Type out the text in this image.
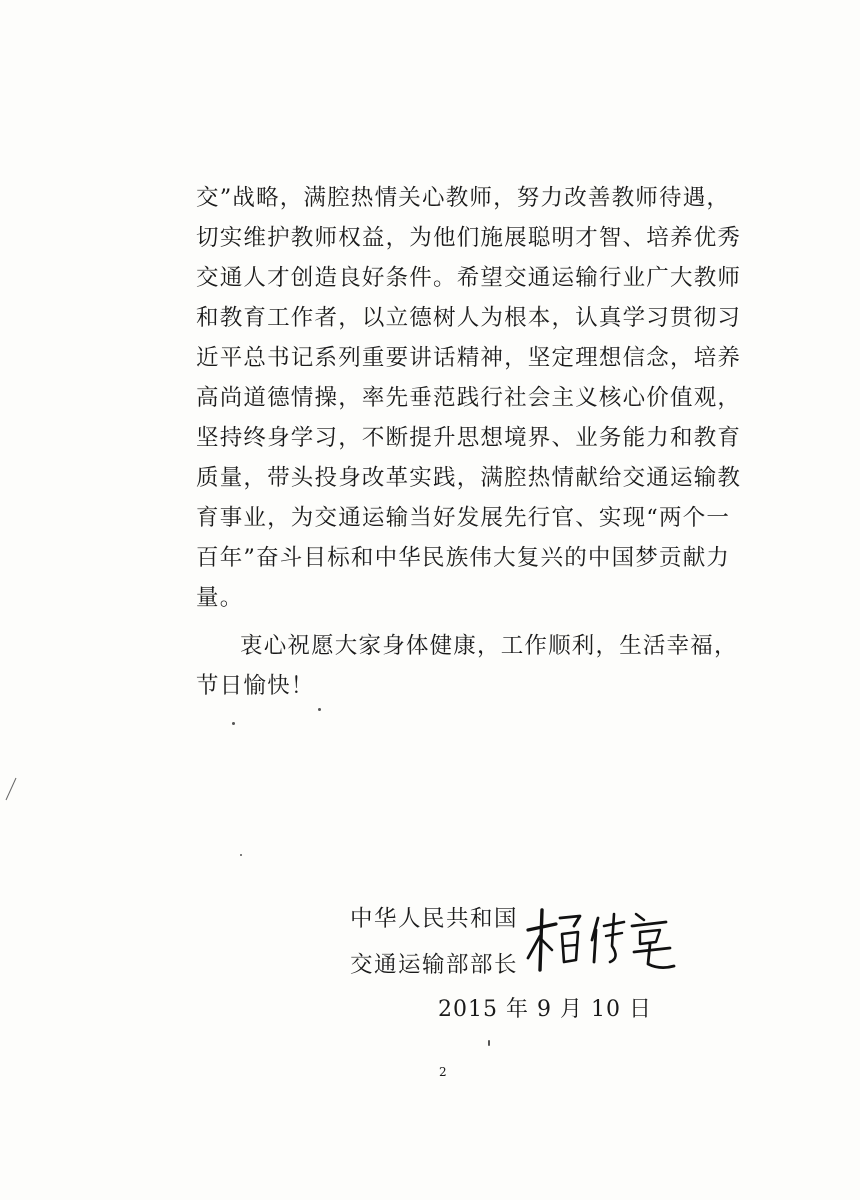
交”战略，满腔热情关心教师，努力改善教师待遇，
切实维护教师权益，为他们施展聪明才智、培养优秀
交通人才创造良好条件。希望交通运输行业广大教师
和教育工作者，以立德树人为根本，认真学习贯彻习
近平总书记系列重要讲话精神，坚定理想信念，培养
高尚道德情操，率先垂范践行社会主义核心价值观，
坚持终身学习，不断提升思想境界、业务能力和教育
质量，带头投身改革实践，满腔热情献给交通运输教
育事业，为交通运输当好发展先行官、实现“两个一
百年”奋斗目标和中华民族伟大复兴的中国梦贡献力
量。
衷心祝愿大家身体健康，工作顺利，生活幸福，
节日愉快！
中华人民共和国
交通运输部部长
2015 年 9 月 10 日
2
